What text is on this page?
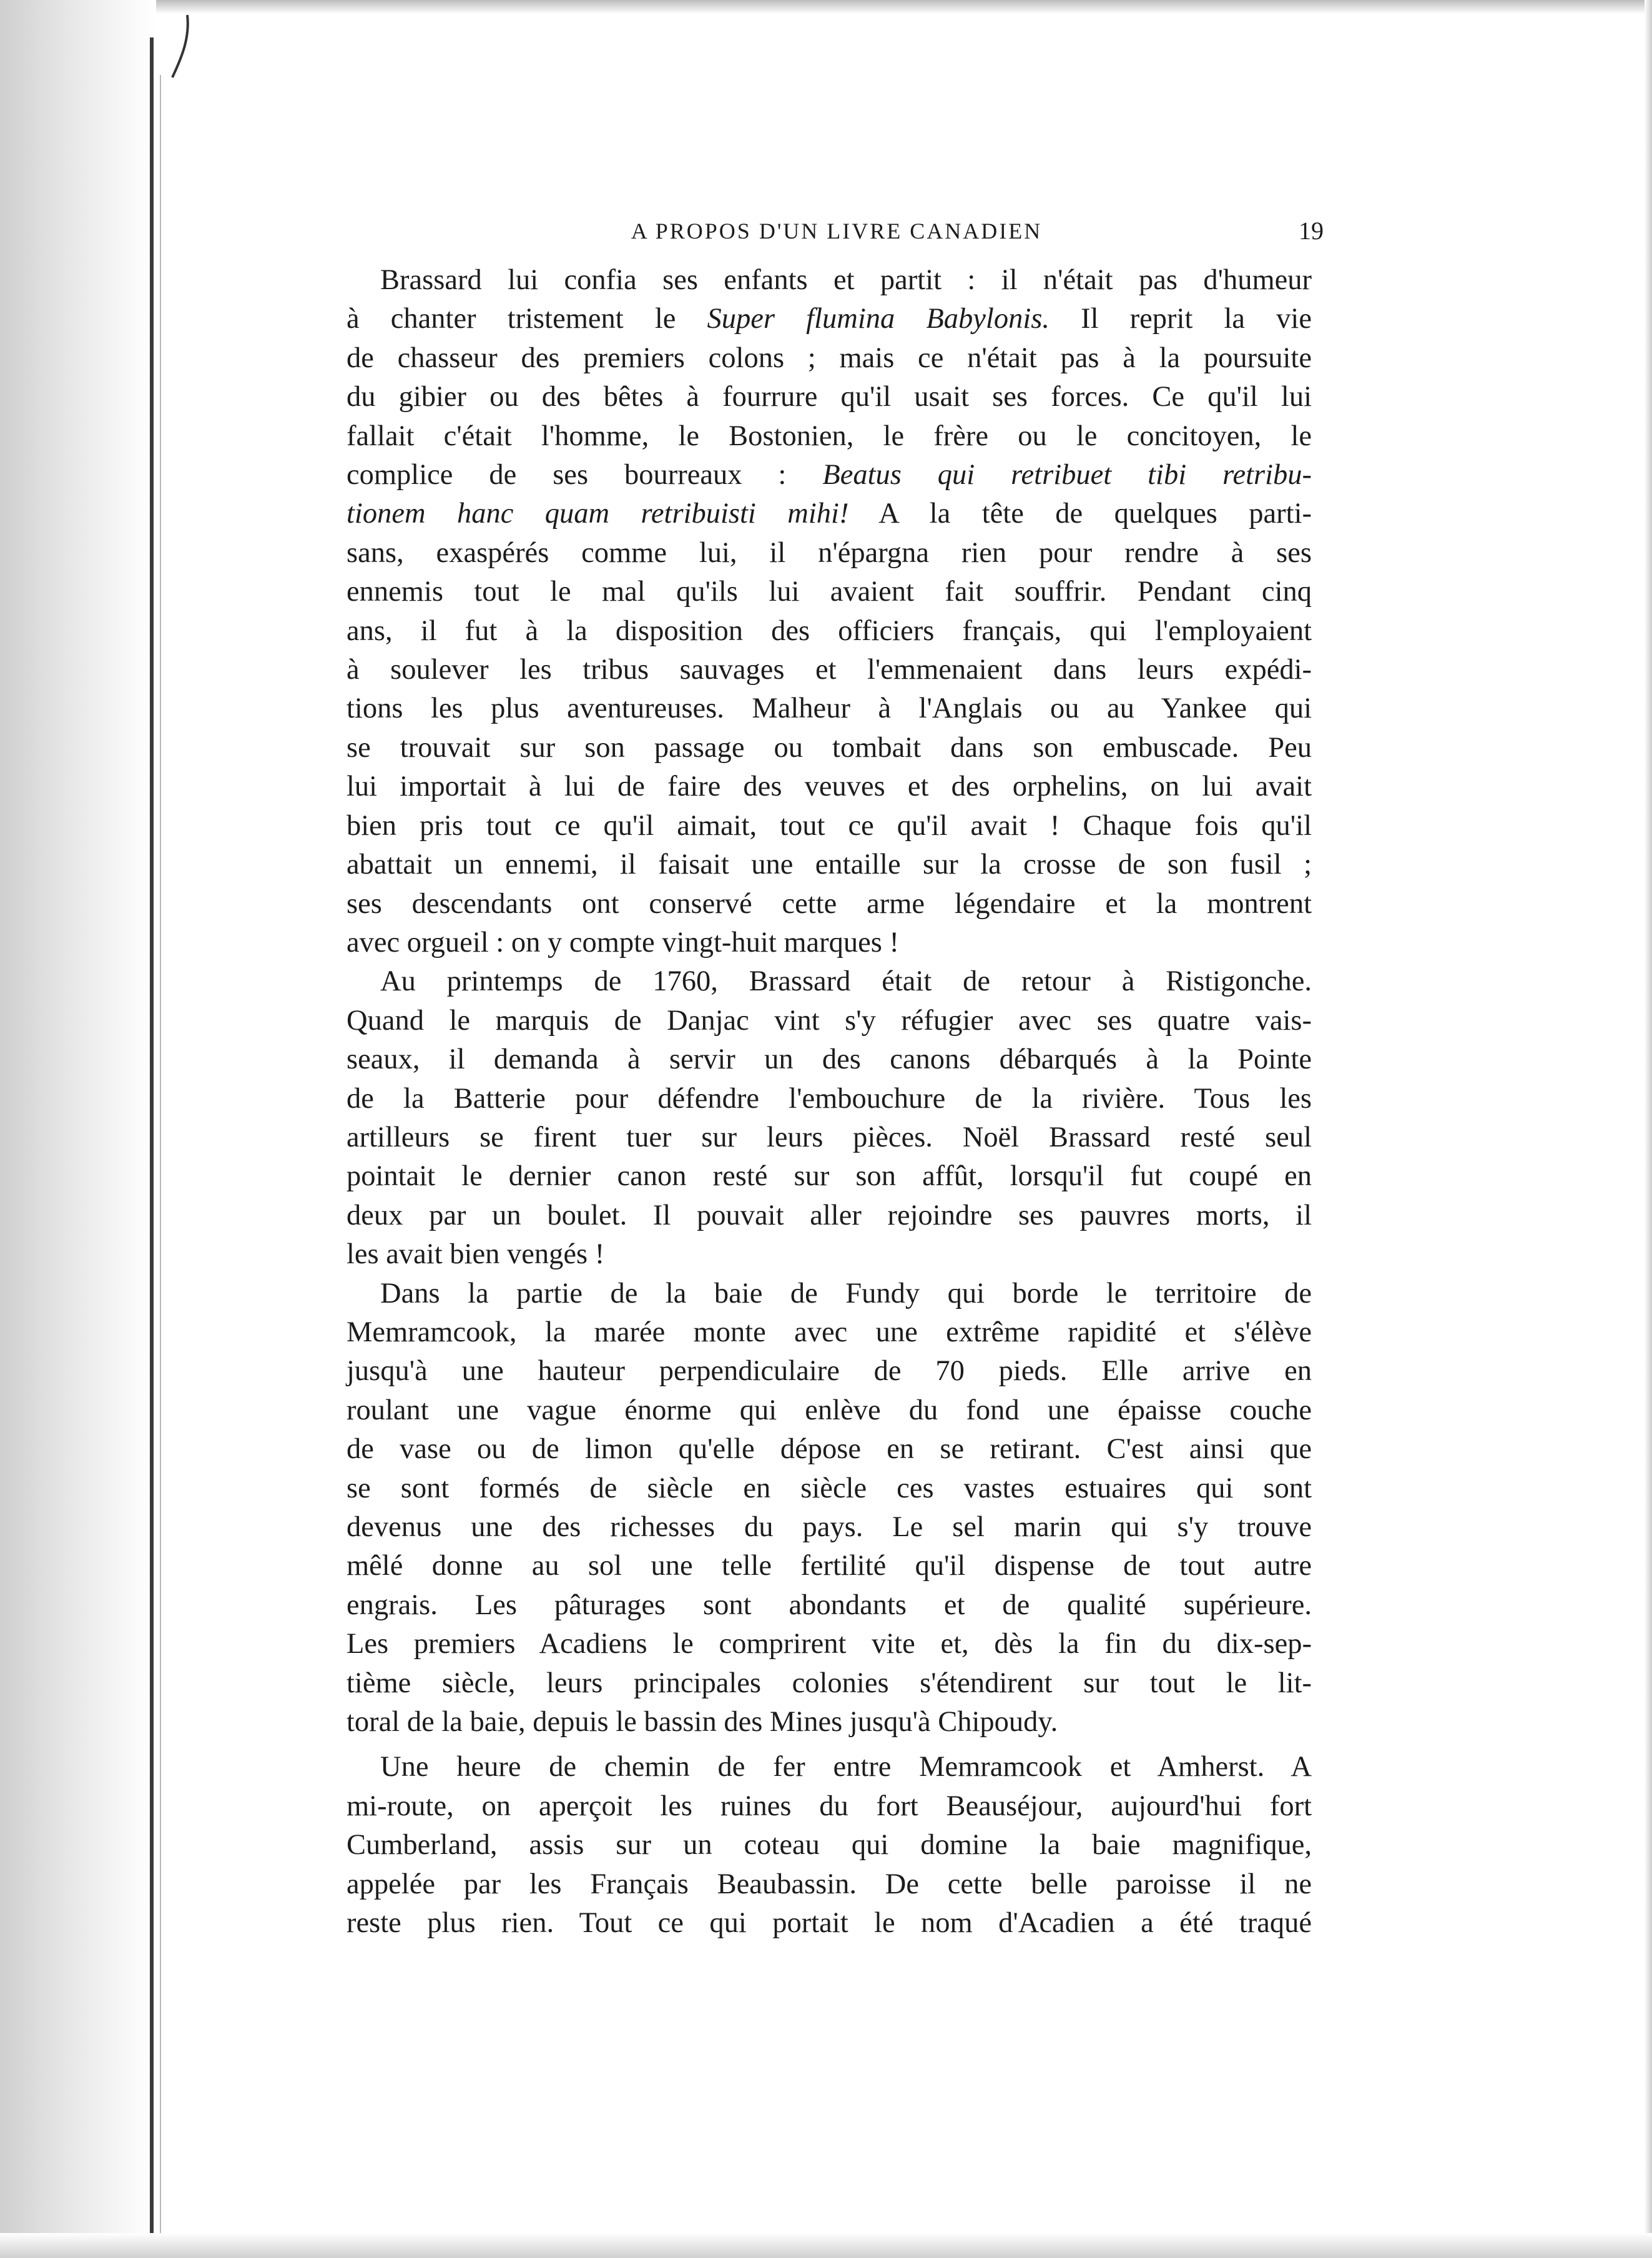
A PROPOS D'UN LIVRE CANADIEN	19
Brassard lui confia ses enfants et partit : il n'était pas d'humeur
à chanter tristement le Super flumina Babylonis. Il reprit la vie
de chasseur des premiers colons ; mais ce n'était pas à la poursuite
du gibier ou des bêtes à fourrure qu'il usait ses forces. Ce qu'il lui
fallait c'était l'homme, le Bostonien, le frère ou le concitoyen, le
complice de ses bourreaux : Beatus qui retribuet tibi retribu-
tionem hanc quam retribuisti mihi! A la tête de quelques parti-
sans, exaspérés comme lui, il n'épargna rien pour rendre à ses
ennemis tout le mal qu'ils lui avaient fait souffrir. Pendant cinq
ans, il fut à la disposition des officiers français, qui l'employaient
à soulever les tribus sauvages et l'emmenaient dans leurs expédi-
tions les plus aventureuses. Malheur à l'Anglais ou au Yankee qui
se trouvait sur son passage ou tombait dans son embuscade. Peu
lui importait à lui de faire des veuves et des orphelins, on lui avait
bien pris tout ce qu'il aimait, tout ce qu'il avait ! Chaque fois qu'il
abattait un ennemi, il faisait une entaille sur la crosse de son fusil ;
ses descendants ont conservé cette arme légendaire et la montrent
avec orgueil : on y compte vingt-huit marques !
Au printemps de 1760, Brassard était de retour à Ristigonche.
Quand le marquis de Danjac vint s'y réfugier avec ses quatre vais-
seaux, il demanda à servir un des canons débarqués à la Pointe
de la Batterie pour défendre l'embouchure de la rivière. Tous les
artilleurs se firent tuer sur leurs pièces. Noël Brassard resté seul
pointait le dernier canon resté sur son affût, lorsqu'il fut coupé en
deux par un boulet. Il pouvait aller rejoindre ses pauvres morts, il
les avait bien vengés !
Dans la partie de la baie de Fundy qui borde le territoire de
Memramcook, la marée monte avec une extrême rapidité et s'élève
jusqu'à une hauteur perpendiculaire de 70 pieds. Elle arrive en
roulant une vague énorme qui enlève du fond une épaisse couche
de vase ou de limon qu'elle dépose en se retirant. C'est ainsi que
se sont formés de siècle en siècle ces vastes estuaires qui sont
devenus une des richesses du pays. Le sel marin qui s'y trouve
mêlé donne au sol une telle fertilité qu'il dispense de tout autre
engrais. Les pâturages sont abondants et de qualité supérieure.
Les premiers Acadiens le comprirent vite et, dès la fin du dix-sep-
tième siècle, leurs principales colonies s'étendirent sur tout le lit-
toral de la baie, depuis le bassin des Mines jusqu'à Chipoudy.
Une heure de chemin de fer entre Memramcook et Amherst. A
mi-route, on aperçoit les ruines du fort Beauséjour, aujourd'hui fort
Cumberland, assis sur un coteau qui domine la baie magnifique,
appelée par les Français Beaubassin. De cette belle paroisse il ne
reste plus rien. Tout ce qui portait le nom d'Acadien a été traqué
